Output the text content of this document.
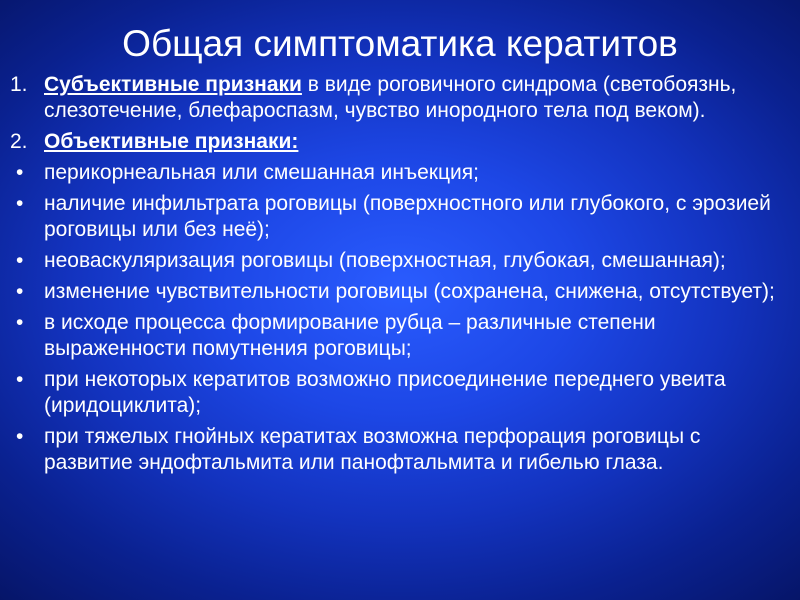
Общая симптоматика кератитов
1. Субъективные признаки в виде роговичного синдрома (светобоязнь, слезотечение, блефароспазм, чувство инородного тела под веком).
2. Объективные признаки:
• перикорнеальная или смешанная инъекция;
• наличие инфильтрата роговицы (поверхностного или глубокого, с эрозией роговицы или без неё);
• неоваскуляризация роговицы (поверхностная, глубокая, смешанная);
• изменение чувствительности роговицы (сохранена, снижена, отсутствует);
• в исходе процесса формирование рубца – различные степени выраженности помутнения роговицы;
• при некоторых кератитов возможно присоединение переднего увеита (иридоциклита);
• при тяжелых гнойных кератитах возможна перфорация роговицы с развитие эндофтальмита или панофтальмита и гибелью глаза.
